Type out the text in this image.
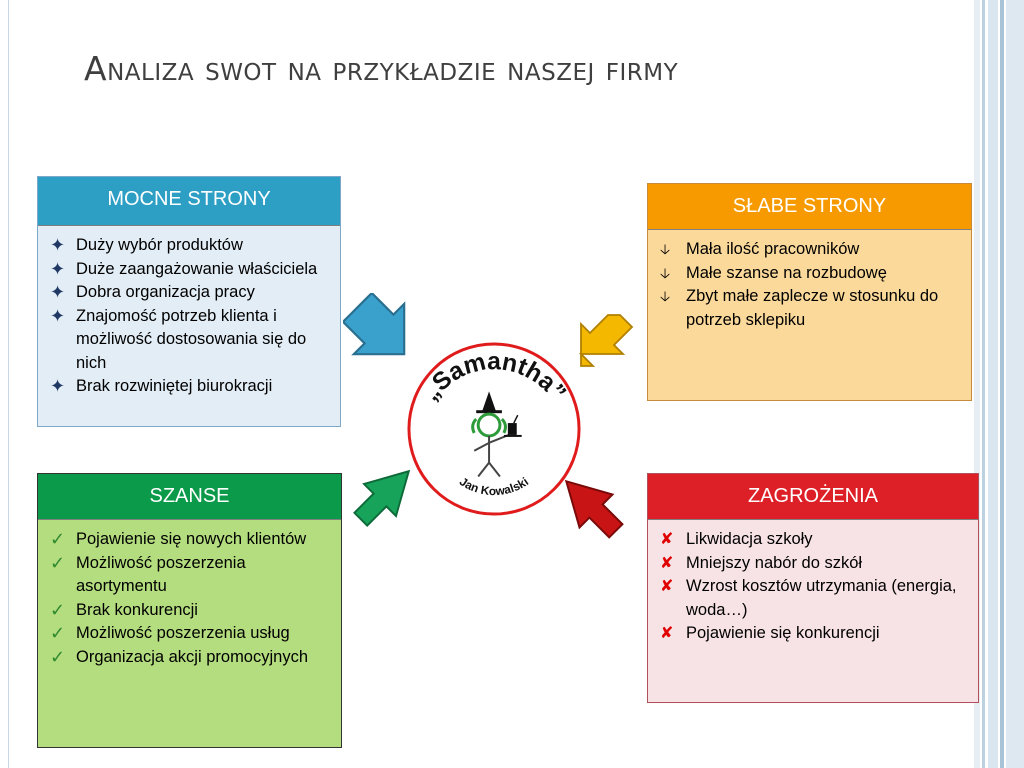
Analiza swot na przykładzie naszej firmy
MOCNE STRONY
✦ Duży wybór produktów
✦ Duże zaangażowanie właściciela
✦ Dobra organizacja pracy
✦ Znajomość potrzeb klienta i możliwość dostosowania się do nich
✦ Brak rozwiniętej biurokracji
SŁABE STRONY
🡣 Mała ilość pracowników
🡣 Małe szanse na rozbudowę
🡣 Zbyt małe zaplecze w stosunku do potrzeb sklepiku
SZANSE
✓ Pojawienie się nowych klientów
✓ Możliwość poszerzenia asortymentu
✓ Brak konkurencji
✓ Możliwość poszerzenia usług
✓ Organizacja akcji promocyjnych
ZAGROŻENIA
✘ Likwidacja szkoły
✘ Mniejszy nabór do szkół
✘ Wzrost kosztów utrzymania (energia, woda…)
✘ Pojawienie się konkurencji
„Samantha”
Jan Kowalski
